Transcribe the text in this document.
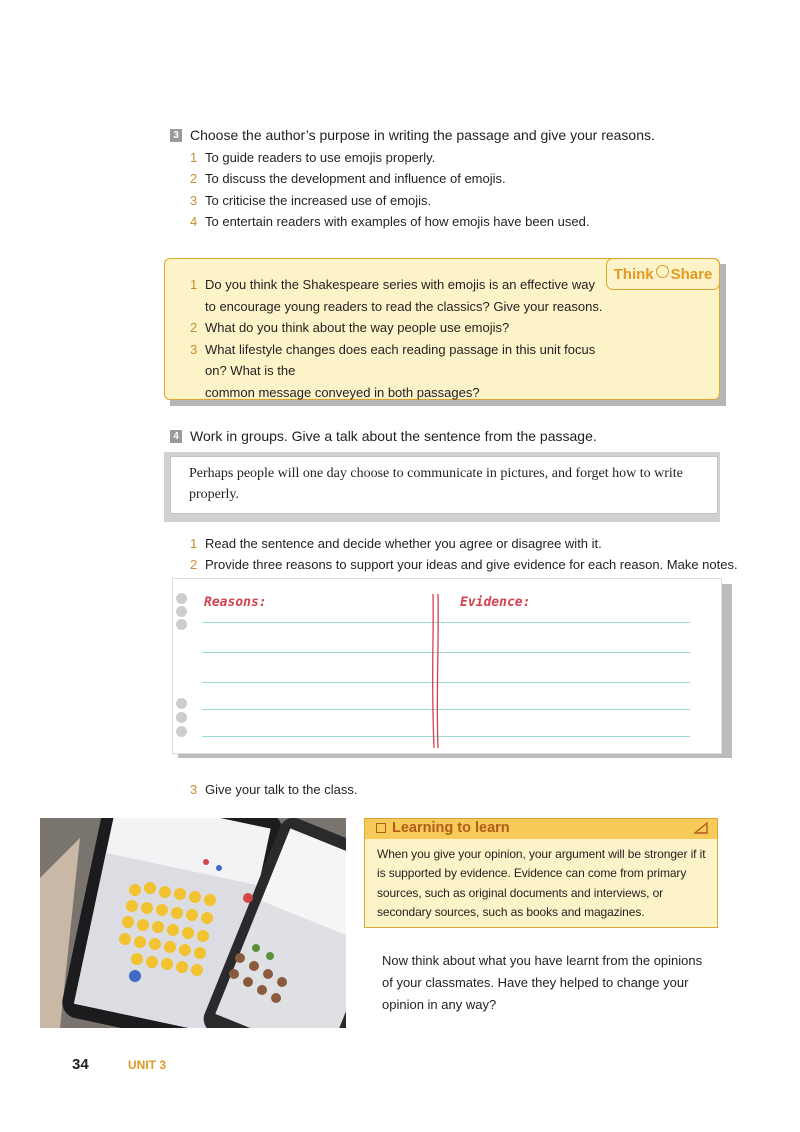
3 Choose the author’s purpose in writing the passage and give your reasons.
1 To guide readers to use emojis properly.
2 To discuss the development and influence of emojis.
3 To criticise the increased use of emojis.
4 To entertain readers with examples of how emojis have been used.
Think Share
1 Do you think the Shakespeare series with emojis is an effective way
to encourage young readers to read the classics? Give your reasons.
2 What do you think about the way people use emojis?
3 What lifestyle changes does each reading passage in this unit focus on? What is the
common message conveyed in both passages?
4 Work in groups. Give a talk about the sentence from the passage.
Perhaps people will one day choose to communicate in pictures, and forget how to write properly.
1 Read the sentence and decide whether you agree or disagree with it.
2 Provide three reasons to support your ideas and give evidence for each reason. Make notes.
Reasons:	Evidence:
3 Give your talk to the class.
Learning to learn
When you give your opinion, your argument will be stronger if it is supported by evidence. Evidence can come from primary sources, such as original documents and interviews, or secondary sources, such as books and magazines.
Now think about what you have learnt from the opinions of your classmates. Have they helped to change your opinion in any way?
34	UNIT 3
